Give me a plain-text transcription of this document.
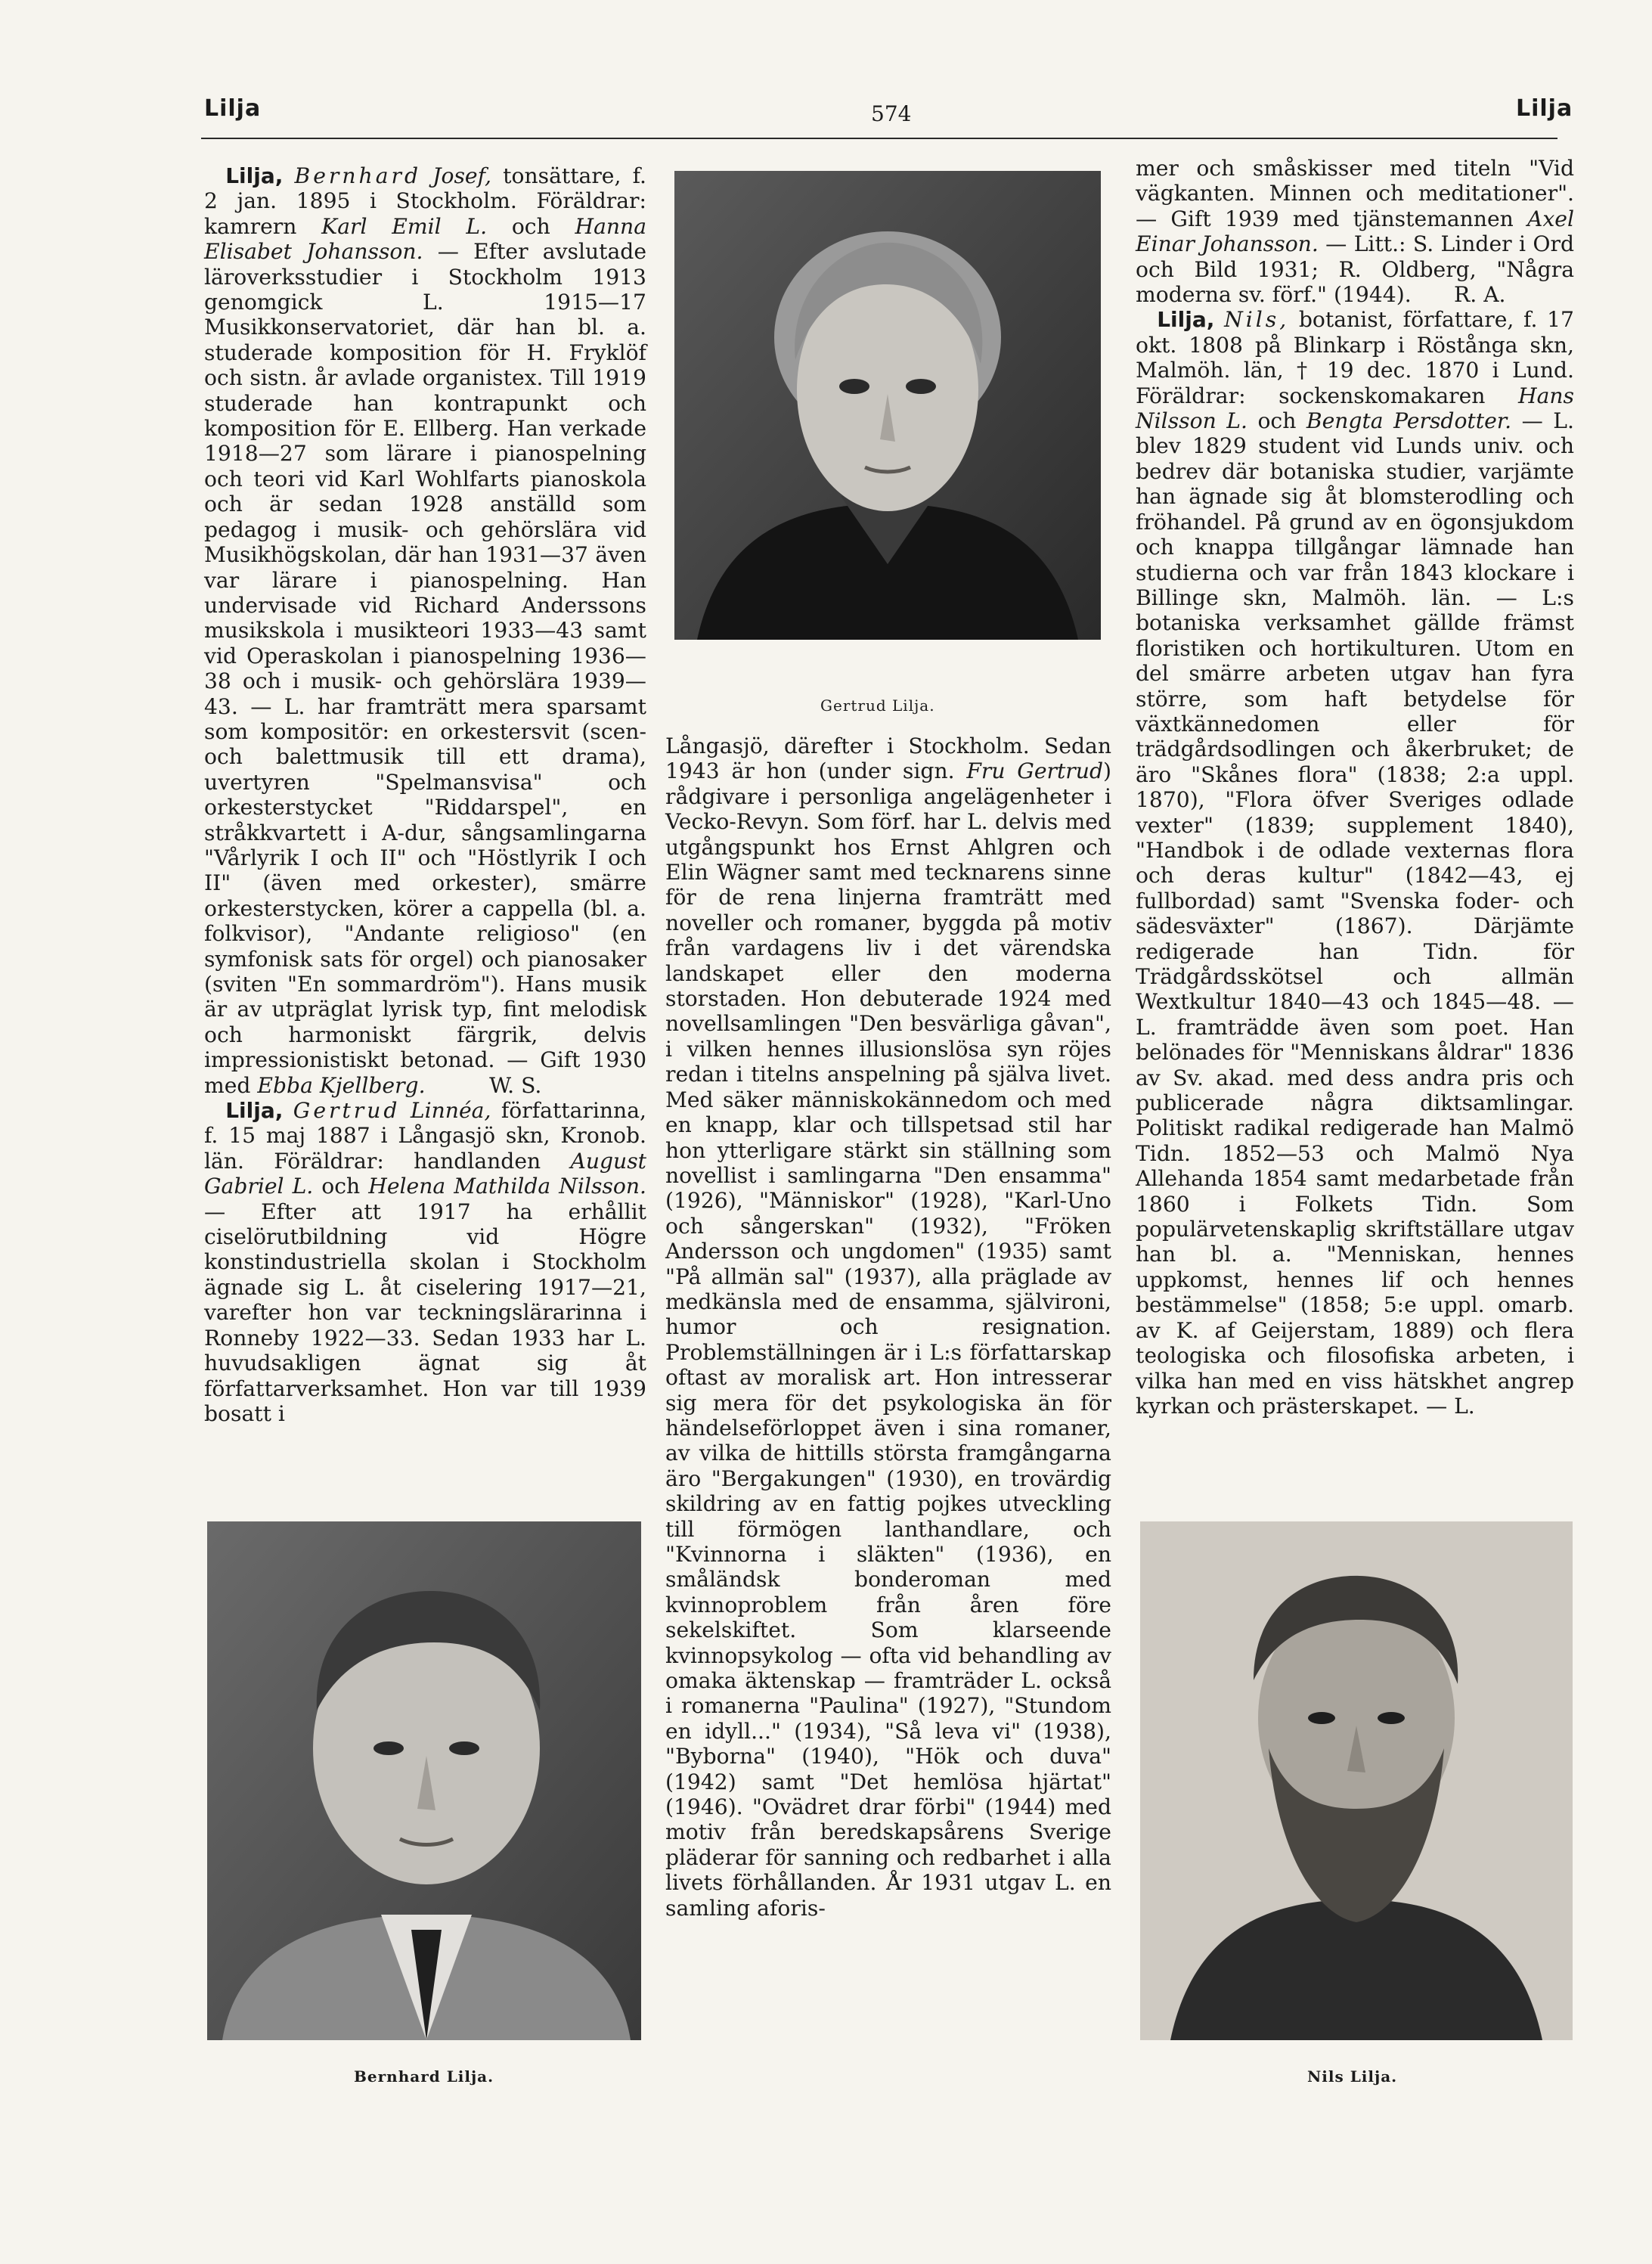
Lilja	574	Lilja

 Lilja, Bernhard Josef, tonsättare, f. 2 jan. 1895 i Stockholm. Föräldrar: kamrern Karl Emil L. och Hanna Elisabet Johansson. — Efter avslutade läroverksstudier i Stockholm 1913 genomgick L. 1915—17 Musikkonservatoriet, där han bl. a. studerade komposition för H. Fryklöf och sistn. år avlade organistex. Till 1919 studerade han kontrapunkt och komposition för E. Ellberg. Han verkade 1918—27 som lärare i pianospelning och teori vid Karl Wohlfarts pianoskola och är sedan 1928 anställd som pedagog i musik- och gehörslära vid Musikhögskolan, där han 1931—37 även var lärare i pianospelning. Han undervisade vid Richard Anderssons musikskola i musikteori 1933—43 samt vid Operaskolan i pianospelning 1936—38 och i musik- och gehörslära 1939—43. — L. har framträtt mera sparsamt som kompositör: en orkestersvit (scen- och balettmusik till ett drama), uvertyren "Spelmansvisa" och orkesterstycket "Riddarspel", en stråkkvartett i A-dur, sångsamlingarna "Vårlyrik I och II" och "Höstlyrik I och II" (även med orkester), smärre orkesterstycken, körer a cappella (bl. a. folkvisor), "Andante religioso" (en symfonisk sats för orgel) och pianosaker (sviten "En sommardröm"). Hans musik är av utpräglat lyrisk typ, fint melodisk och harmoniskt färgrik, delvis impressionistiskt betonad. — Gift 1930 med Ebba Kjellberg.   	W. S.

 Lilja, Gertrud Linnéa, författarinna, f. 15 maj 1887 i Långasjö skn, Kronob. län. Föräldrar: handlanden August Gabriel L. och Helena Mathilda Nilsson. — Efter att 1917 ha erhållit ciselörutbildning vid Högre konstindustriella skolan i Stockholm ägnade sig L. åt ciselering 1917—21, varefter hon var teckningslärarinna i Ronneby 1922—33. Sedan 1933 har L. huvudsakligen ägnat sig åt författarverksamhet. Hon var till 1939 bosatt i

Gertrud Lilja.

Långasjö, därefter i Stockholm. Sedan 1943 är hon (under sign. Fru Gertrud) rådgivare i personliga angelägenheter i Vecko-Revyn. Som förf. har L. delvis med utgångspunkt hos Ernst Ahlgren och Elin Wägner samt med tecknarens sinne för de rena linjerna framträtt med noveller och romaner, byggda på motiv från vardagens liv i det värendska landskapet eller den moderna storstaden. Hon debuterade 1924 med novellsamlingen "Den besvärliga gåvan", i vilken hennes illusionslösa syn röjes redan i titelns anspelning på själva livet. Med säker människokännedom och med en knapp, klar och tillspetsad stil har hon ytterligare stärkt sin ställning som novellist i samlingarna "Den ensamma" (1926), "Människor" (1928), "Karl-Uno och sångerskan" (1932), "Fröken Andersson och ungdomen" (1935) samt "På allmän sal" (1937), alla präglade av medkänsla med de ensamma, självironi, humor och resignation. Problemställningen är i L:s författarskap oftast av moralisk art. Hon intresserar sig mera för det psykologiska än för händelseförloppet även i sina romaner, av vilka de hittills största framgångarna äro "Bergakungen" (1930), en trovärdig skildring av en fattig pojkes utveckling till förmögen lanthandlare, och "Kvinnorna i släkten" (1936), en småländsk bonderoman med kvinnoproblem från åren före sekelskiftet. Som klarseende kvinnopsykolog — ofta vid behandling av omaka äktenskap — framträder L. också i romanerna "Paulina" (1927), "Stundom en idyll..." (1934), "Så leva vi" (1938), "Byborna" (1940), "Hök och duva" (1942) samt "Det hemlösa hjärtat" (1946). "Ovädret drar förbi" (1944) med motiv från beredskapsårens Sverige pläderar för sanning och redbarhet i alla livets förhållanden. År 1931 utgav L. en samling aforis-

mer och småskisser med titeln "Vid vägkanten. Minnen och meditationer". — Gift 1939 med tjänstemannen Axel Einar Johansson. — Litt.: S. Linder i Ord och Bild 1931; R. Oldberg, "Några moderna sv. förf." (1944).   R. A.

 Lilja, Nils, botanist, författare, f. 17 okt. 1808 på Blinkarp i Röstånga skn, Malmöh. län, † 19 dec. 1870 i Lund. Föräldrar: sockenskomakaren Hans Nilsson L. och Bengta Persdotter. — L. blev 1829 student vid Lunds univ. och bedrev där botaniska studier, varjämte han ägnade sig åt blomsterodling och fröhandel. På grund av en ögonsjukdom och knappa tillgångar lämnade han studierna och var från 1843 klockare i Billinge skn, Malmöh. län. — L:s botaniska verksamhet gällde främst floristiken och hortikulturen. Utom en del smärre arbeten utgav han fyra större, som haft betydelse för växtkännedomen eller för trädgårdsodlingen och åkerbruket; de äro "Skånes flora" (1838; 2:a uppl. 1870), "Flora öfver Sveriges odlade vexter" (1839; supplement 1840), "Handbok i de odlade vexternas flora och deras kultur" (1842—43, ej fullbordad) samt "Svenska foder- och sädesväxter" (1867). Därjämte redigerade han Tidn. för Trädgårdsskötsel och allmän Wextkultur 1840—43 och 1845—48. — L. framträdde även som poet. Han belönades för "Menniskans åldrar" 1836 av Sv. akad. med dess andra pris och publicerade några diktsamlingar. Politiskt radikal redigerade han Malmö Tidn. 1852—53 och Malmö Nya Allehanda 1854 samt medarbetade från 1860 i Folkets Tidn. Som populärvetenskaplig skriftställare utgav han bl. a. "Menniskan, hennes uppkomst, hennes lif och hennes bestämmelse" (1858; 5:e uppl. omarb. av K. af Geijerstam, 1889) och flera teologiska och filosofiska arbeten, i vilka han med en viss hätskhet angrep kyrkan och prästerskapet. — L.

Bernhard Lilja.	Nils Lilja.
